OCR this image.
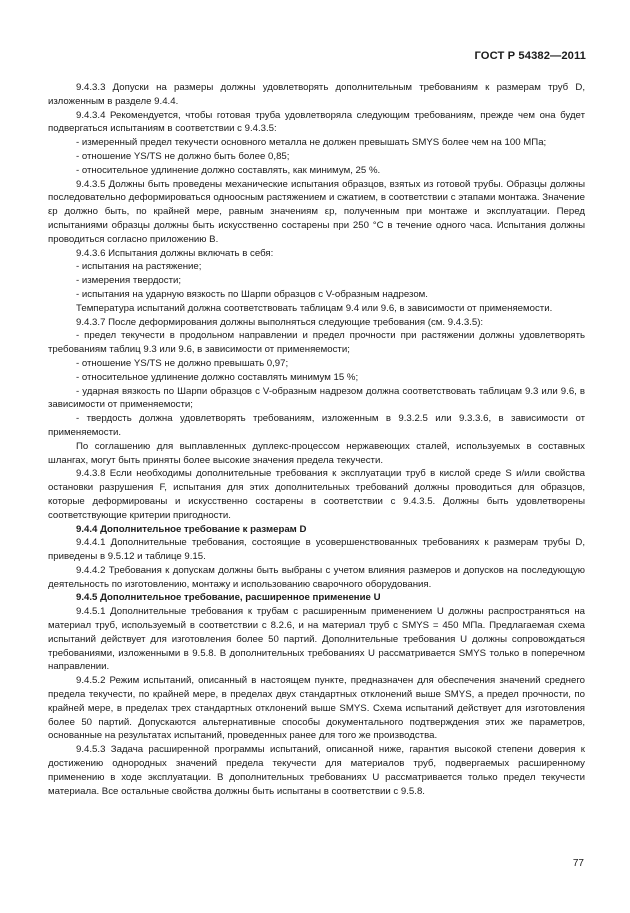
ГОСТ Р 54382—2011

9.4.3.3 Допуски на размеры должны удовлетворять дополнительным требованиям к размерам труб D, изложенным в разделе 9.4.4.

9.4.3.4 Рекомендуется, чтобы готовая труба удовлетворяла следующим требованиям, прежде чем она будет подвергаться испытаниям в соответствии с 9.4.3.5:

- измеренный предел текучести основного металла не должен превышать SMYS более чем на 100 МПа;

- отношение YS/TS не должно быть более 0,85;

- относительное удлинение должно составлять, как минимум, 25 %.

9.4.3.5 Должны быть проведены механические испытания образцов, взятых из готовой трубы. Образцы должны последовательно деформироваться одноосным растяжением и сжатием, в соответствии с этапами монтажа. Значение εp должно быть, по крайней мере, равным значениям εp, полученным при монтаже и эксплуатации. Перед испытаниями образцы должны быть искусственно состарены при 250 °С в течение одного часа. Испытания должны проводиться согласно приложению В.

9.4.3.6 Испытания должны включать в себя:

- испытания на растяжение;

- измерения твердости;

- испытания на ударную вязкость по Шарпи образцов с V-образным надрезом.

Температура испытаний должна соответствовать таблицам 9.4 или 9.6, в зависимости от применяемости.

9.4.3.7 После деформирования должны выполняться следующие требования (см. 9.4.3.5):

- предел текучести в продольном направлении и предел прочности при растяжении должны удовлетворять требованиям таблиц 9.3 или 9.6, в зависимости от применяемости;

- отношение YS/TS не должно превышать 0,97;

- относительное удлинение должно составлять минимум 15 %;

- ударная вязкость по Шарпи образцов с V-образным надрезом должна соответствовать таблицам 9.3 или 9.6, в зависимости от применяемости;

- твердость должна удовлетворять требованиям, изложенным в 9.3.2.5 или 9.3.3.6, в зависимости от применяемости.

По соглашению для выплавленных дуплекс-процессом нержавеющих сталей, используемых в составных шлангах, могут быть приняты более высокие значения предела текучести.

9.4.3.8 Если необходимы дополнительные требования к эксплуатации труб в кислой среде S и/или свойства остановки разрушения F, испытания для этих дополнительных требований должны проводиться для образцов, которые деформированы и искусственно состарены в соответствии с 9.4.3.5. Должны быть удовлетворены соответствующие критерии пригодности.

9.4.4 Дополнительное требование к размерам D

9.4.4.1 Дополнительные требования, состоящие в усовершенствованных требованиях к размерам трубы D, приведены в 9.5.12 и таблице 9.15.

9.4.4.2 Требования к допускам должны быть выбраны с учетом влияния размеров и допусков на последующую деятельность по изготовлению, монтажу и использованию сварочного оборудования.

9.4.5 Дополнительное требование, расширенное применение U

9.4.5.1 Дополнительные требования к трубам с расширенным применением U должны распространяться на материал труб, используемый в соответствии с 8.2.6, и на материал труб с SMYS = 450 МПа. Предлагаемая схема испытаний действует для изготовления более 50 партий. Дополнительные требования U должны сопровождаться требованиями, изложенными в 9.5.8. В дополнительных требованиях U рассматривается SMYS только в поперечном направлении.

9.4.5.2 Режим испытаний, описанный в настоящем пункте, предназначен для обеспечения значений среднего предела текучести, по крайней мере, в пределах двух стандартных отклонений выше SMYS, а предел прочности, по крайней мере, в пределах трех стандартных отклонений выше SMYS. Схема испытаний действует для изготовления более 50 партий. Допускаются альтернативные способы документального подтверждения этих же параметров, основанные на результатах испытаний, проведенных ранее для того же производства.

9.4.5.3 Задача расширенной программы испытаний, описанной ниже, гарантия высокой степени доверия к достижению однородных значений предела текучести для материалов труб, подвергаемых расширенному применению в ходе эксплуатации. В дополнительных требованиях U рассматривается только предел текучести материала. Все остальные свойства должны быть испытаны в соответствии с 9.5.8.

77
